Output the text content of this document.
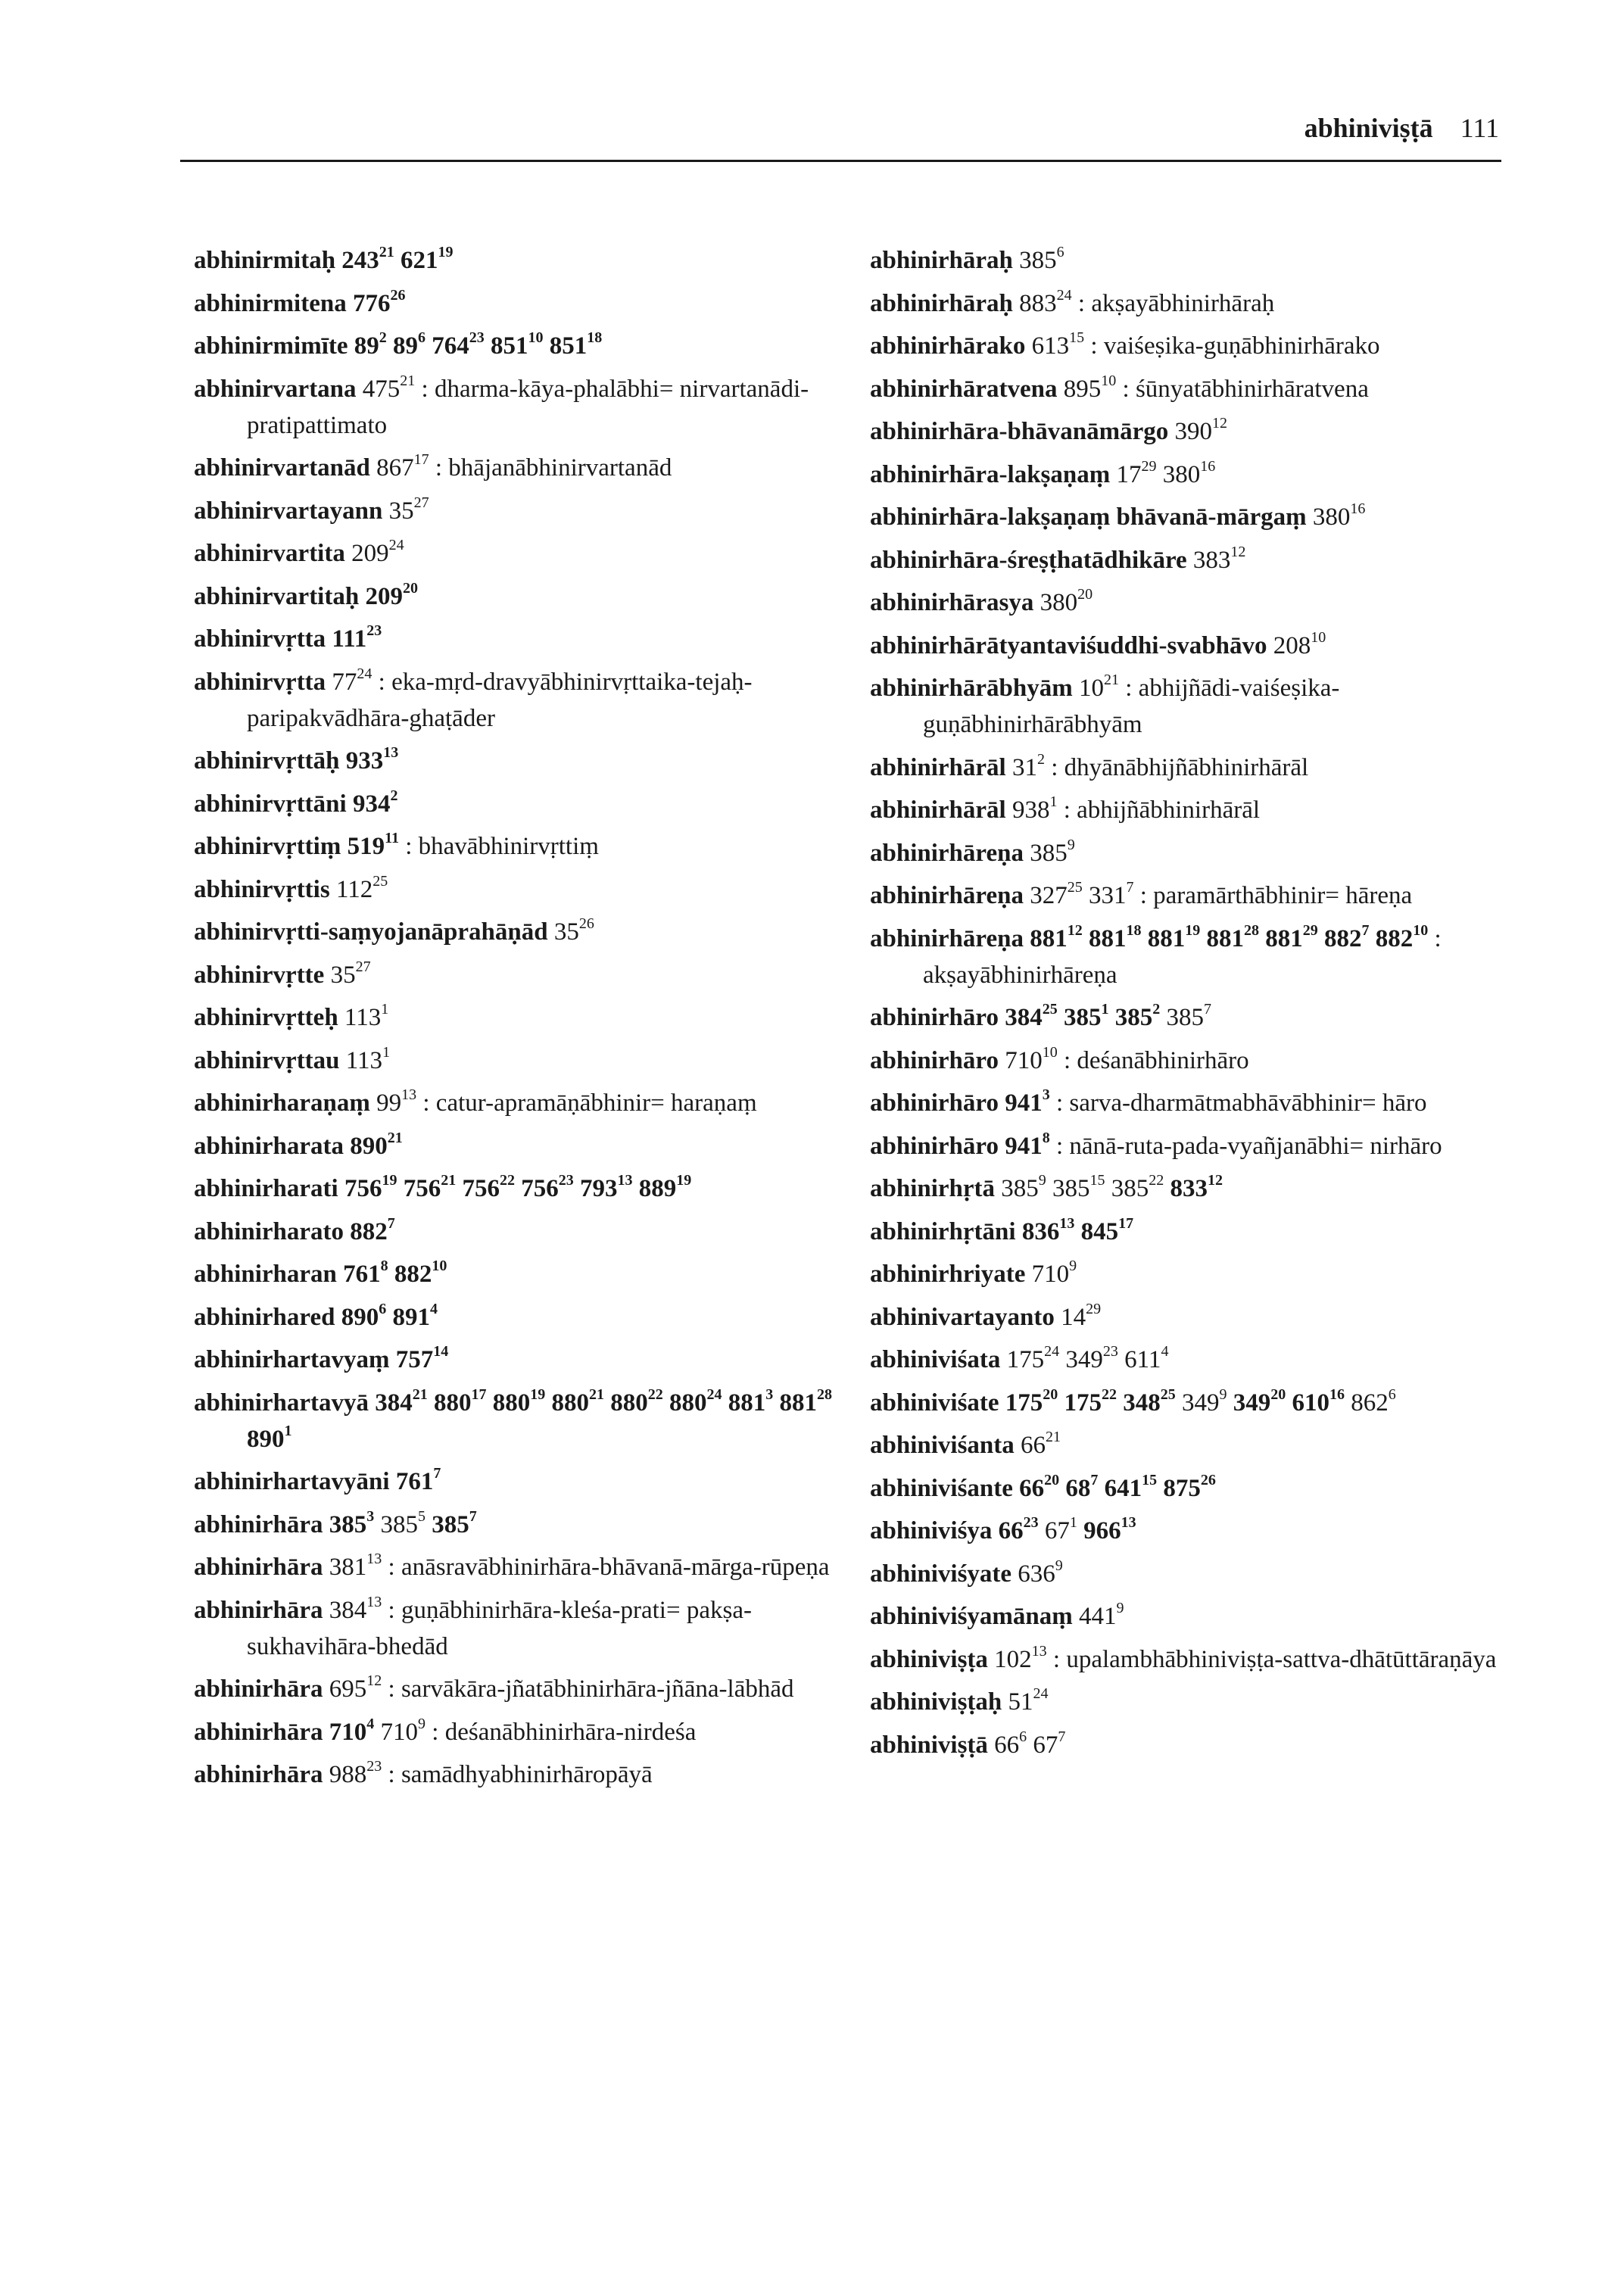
abhiniviṣṭā 111
abhinirmitaḥ $243^{21}$ $621^{19}$
abhinirmitena $776^{26}$
abhinirmimīte $89^2$ $89^6$ $764^{23}$ $851^{10}$ $851^{18}$
abhinirvartana $475^{21}$ : dharma-kāya-phalābhi= nirvartanādi-pratipattimato
abhinirvartanād $867^{17}$ : bhājanābhinirvartanād
abhinirvartayann $35^{27}$
abhinirvartita $209^{24}$
abhinirvartitaḥ $209^{20}$
abhinirvṛtta $111^{23}$
abhinirvṛtta $77^{24}$ : eka-mṛd-dravyābhinirvṛttaika-tejaḥ-paripakvādhāra-ghaṭāder
abhinirvṛttāḥ $933^{13}$
abhinirvṛttāni $934^2$
abhinirvṛttiṃ $519^{11}$ : bhavābhinirvṛttiṃ
abhinirvṛttis $112^{25}$
abhinirvṛtti-saṃyojanāprahāṇād $35^{26}$
abhinirvṛtte $35^{27}$
abhinirvṛtteḥ $113^1$
abhinirvṛttau $113^1$
abhinirharaṇaṃ $99^{13}$ : catur-apramāṇābhinir= haraṇaṃ
abhinirharata $890^{21}$
abhinirharati $756^{19}$ $756^{21}$ $756^{22}$ $756^{23}$ $793^{13}$ $889^{19}$
abhinirharato $882^7$
abhinirharan $761^8$ $882^{10}$
abhinirhared $890^6$ $891^4$
abhinirhartavyaṃ $757^{14}$
abhinirhartavyā $384^{21}$ $880^{17}$ $880^{19}$ $880^{21}$ $880^{22}$ $880^{24}$ $881^3$ $881^{28}$ $890^1$
abhinirhartavyāni $761^7$
abhinirhāra $385^3$ $385^5$ $385^7$
abhinirhāra $381^{13}$ : anāsravābhinirhāra-bhāvanā-mārga-rūpeṇa
abhinirhāra $384^{13}$ : guṇābhinirhāra-kleśa-prati= pakṣa-sukhavihāra-bhedād
abhinirhāra $695^{12}$ : sarvākāra-jñatābhinirhāra-jñāna-lābhād
abhinirhāra $710^4$ $710^9$ : deśanābhinirhāra-nirdeśa
abhinirhāra $988^{23}$ : samādhyabhinirhāropāyā
abhinirhāraḥ $385^6$
abhinirhāraḥ $883^{24}$ : akṣayābhinirhāraḥ
abhinirhārako $613^{15}$ : vaiśeṣika-guṇābhinirhārako
abhinirhāratvena $895^{10}$ : śūnyatābhinirhāratvena
abhinirhāra-bhāvanāmārgo $390^{12}$
abhinirhāra-lakṣaṇaṃ $17^{29}$ $380^{16}$
abhinirhāra-lakṣaṇaṃ bhāvanā-mārgaṃ $380^{16}$
abhinirhāra-śreṣṭhatādhikāre $383^{12}$
abhinirhārasya $380^{20}$
abhinirhārātyantaviśuddhi-svabhāvo $208^{10}$
abhinirhārābhyām $10^{21}$ : abhijñādi-vaiśeṣika-guṇābhinirhārābhyām
abhinirhārāl $31^2$ : dhyānābhijñābhinirhārāl
abhinirhārāl $938^1$ : abhijñābhinirhārāl
abhinirhāreṇa $385^9$
abhinirhāreṇa $327^{25}$ $331^7$ : paramārthābhinir= hāreṇa
abhinirhāreṇa $881^{12}$ $881^{18}$ $881^{19}$ $881^{28}$ $881^{29}$ $882^7$ $882^{10}$ : akṣayābhinirhāreṇa
abhinirhāro $384^{25}$ $385^1$ $385^2$ $385^7$
abhinirhāro $710^{10}$ : deśanābhinirhāro
abhinirhāro $941^3$ : sarva-dharmātmabhāvābhinir= hāro
abhinirhāro $941^8$ : nānā-ruta-pada-vyañjanābhi= nirhāro
abhinirhṛtā $385^9$ $385^{15}$ $385^{22}$ $833^{12}$
abhinirhṛtāni $836^{13}$ $845^{17}$
abhinirhriyate $710^9$
abhinivartayanto $14^{29}$
abhiniviśata $175^{24}$ $349^{23}$ $611^4$
abhiniviśate $175^{20}$ $175^{22}$ $348^{25}$ $349^9$ $349^{20}$ $610^{16}$ $862^6$
abhiniviśanta $66^{21}$
abhiniviśante $66^{20}$ $68^7$ $641^{15}$ $875^{26}$
abhiniviśya $66^{23}$ $67^1$ $966^{13}$
abhiniviśyate $636^9$
abhiniviśyamānaṃ $441^9$
abhiniviṣṭa $102^{13}$ : upalambhābhiniviṣṭa-sattva-dhātūttāraṇāya
abhiniviṣṭaḥ $51^{24}$
abhiniviṣṭā $66^6$ $67^7$
